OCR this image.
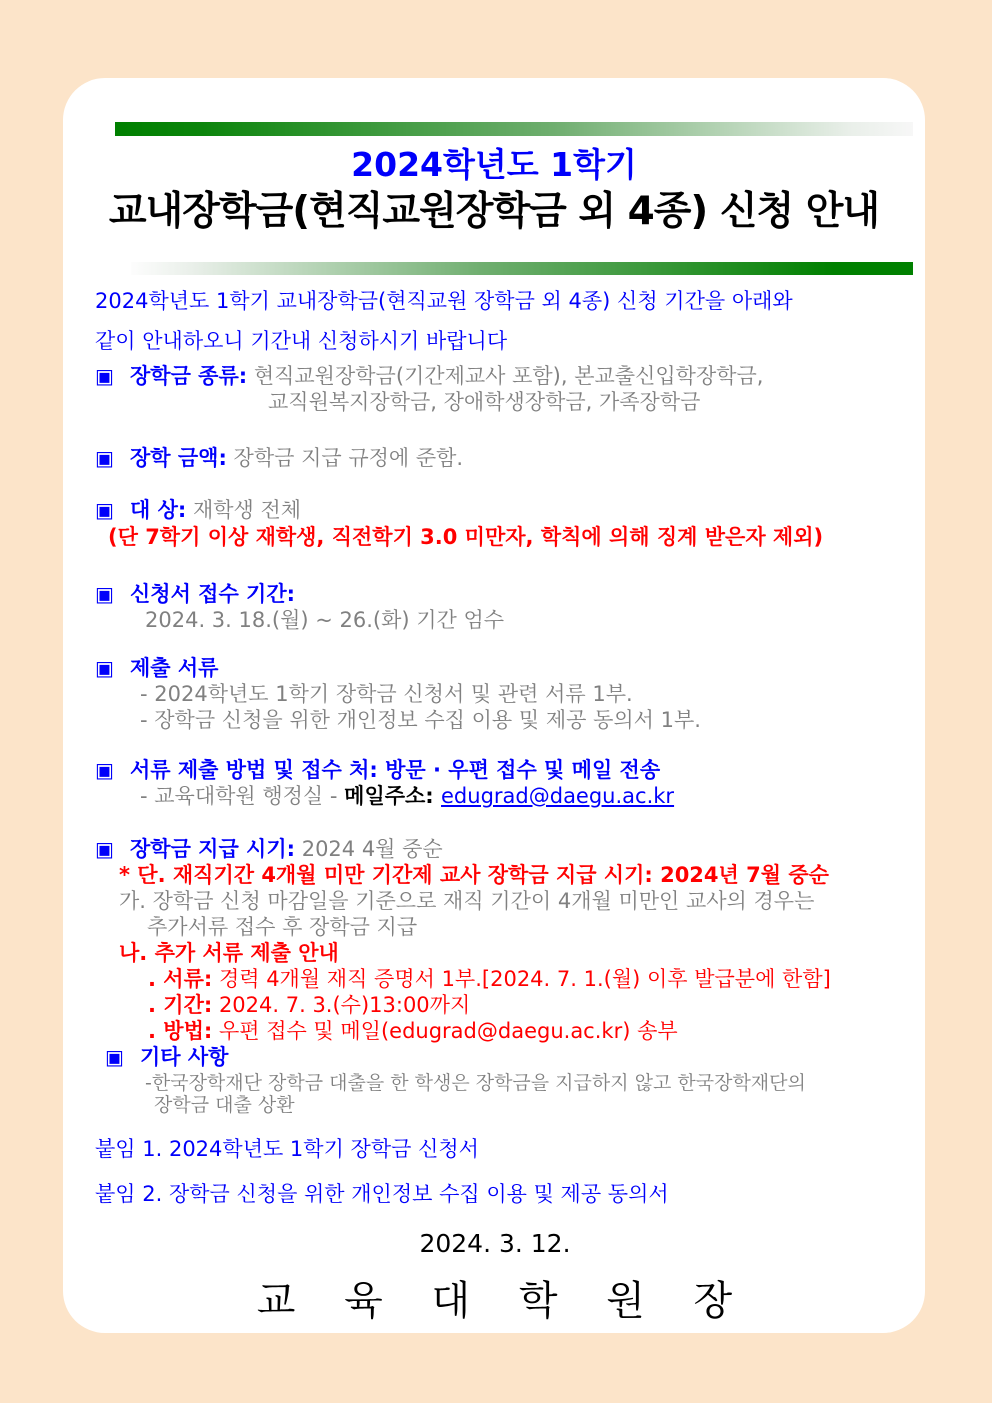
2024학년도 1학기
교내장학금(현직교원장학금 외 4종) 신청 안내
2024학년도 1학기 교내장학금(현직교원 장학금 외 4종) 신청 기간을 아래와
같이 안내하오니 기간내 신청하시기 바랍니다
▣ 장학금 종류: 현직교원장학금(기간제교사 포함), 본교출신입학장학금,
교직원복지장학금, 장애학생장학금, 가족장학금
▣ 장학 금액: 장학금 지급 규정에 준함.
▣ 대 상: 재학생 전체
(단 7학기 이상 재학생, 직전학기 3.0 미만자, 학칙에 의해 징계 받은자 제외)
▣ 신청서 접수 기간:
2024. 3. 18.(월) ~ 26.(화) 기간 엄수
▣ 제출 서류
- 2024학년도 1학기 장학금 신청서 및 관련 서류 1부.
- 장학금 신청을 위한 개인정보 수집 이용 및 제공 동의서 1부.
▣ 서류 제출 방법 및 접수 처: 방문 · 우편 접수 및 메일 전송
- 교육대학원 행정실 - 메일주소: edugrad@daegu.ac.kr
▣ 장학금 지급 시기: 2024 4월 중순
* 단. 재직기간 4개월 미만 기간제 교사 장학금 지급 시기: 2024년 7월 중순
가. 장학금 신청 마감일을 기준으로 재직 기간이 4개월 미만인 교사의 경우는
추가서류 접수 후 장학금 지급
나. 추가 서류 제출 안내
. 서류: 경력 4개월 재직 증명서 1부.[2024. 7. 1.(월) 이후 발급분에 한함]
. 기간: 2024. 7. 3.(수)13:00까지
. 방법: 우편 접수 및 메일(edugrad@daegu.ac.kr) 송부
▣ 기타 사항
-한국장학재단 장학금 대출을 한 학생은 장학금을 지급하지 않고 한국장학재단의
장학금 대출 상환
붙임 1. 2024학년도 1학기 장학금 신청서
붙임 2. 장학금 신청을 위한 개인정보 수집 이용 및 제공 동의서
2024. 3. 12.
교 육 대 학 원 장
